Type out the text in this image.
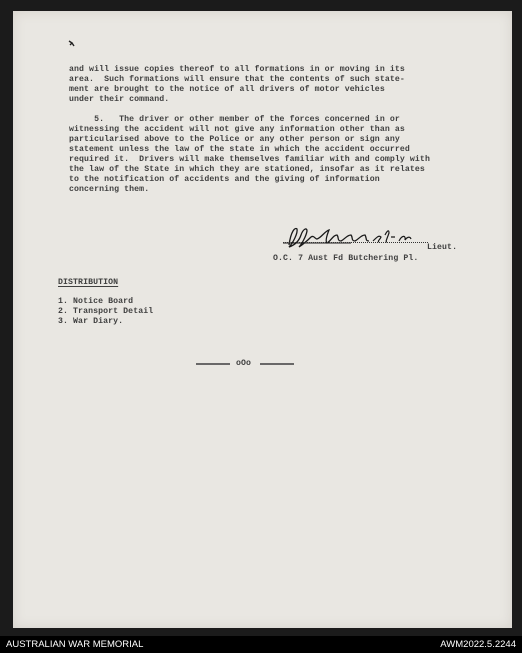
and will issue copies thereof to all formations in or moving in its

area.  Such formations will ensure that the contents of such state-

ment are brought to the notice of all drivers of motor vehicles

under their command.

5.   The driver or other member of the forces concerned in or

witnessing the accident will not give any information other than as

particularised above to the Police or any other person or sign any

statement unless the law of the state in which the accident occurred

required it.  Drivers will make themselves familiar with and comply with

the law of the State in which they are stationed, insofar as it relates

to the notification of accidents and the giving of information

concerning them.

Lieut.

O.C. 7 Aust Fd Butchering Pl.

DISTRIBUTION

1. Notice Board

2. Transport Detail

3. War Diary.

oOo

AUSTRALIAN WAR MEMORIAL	AWM2022.5.2244
